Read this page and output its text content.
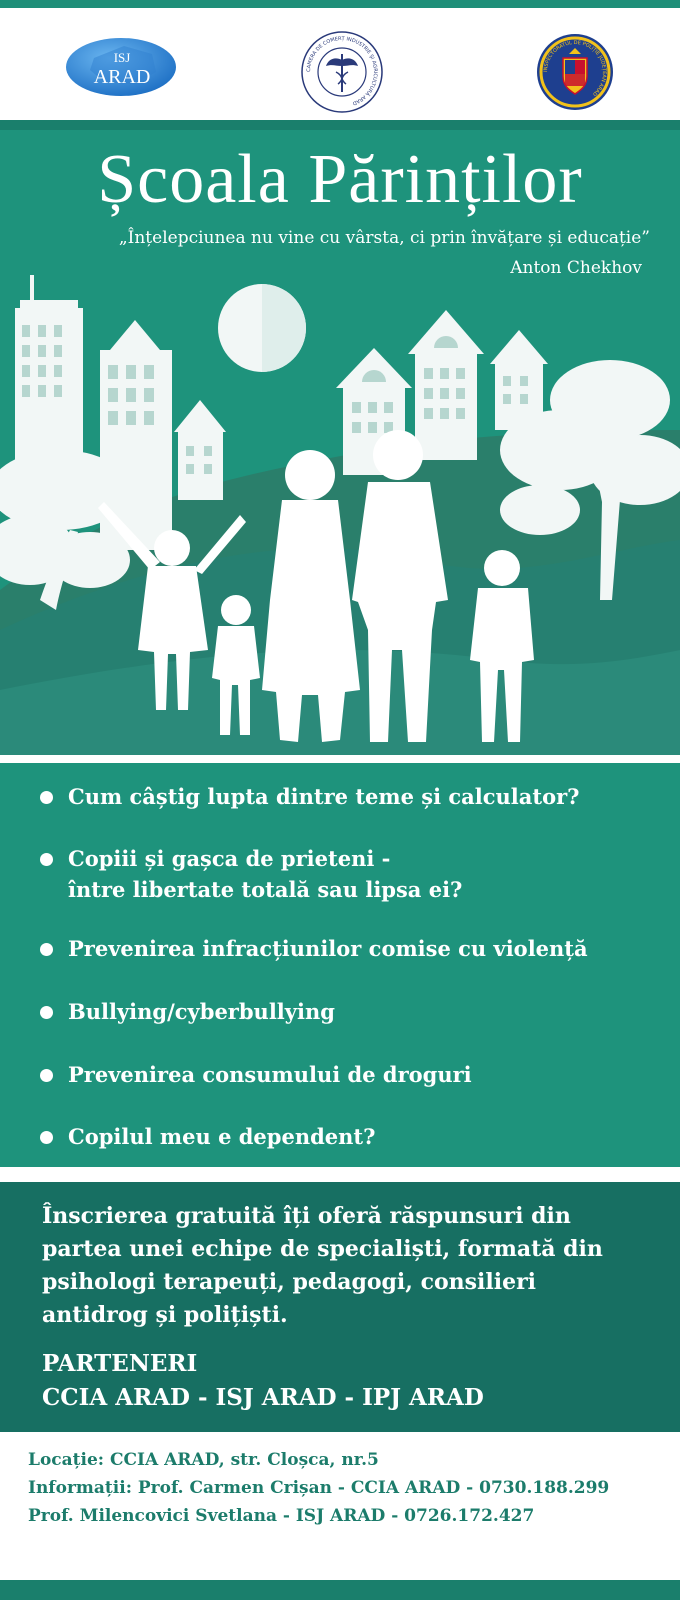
ISJ
ARAD	CAMERA DE COMERȚ INDUSTRIE ȘI AGRICULTURĂ ARAD
INSPECTORATUL DE POLIȚIE JUDEȚEAN ARAD
Școala Părinților
„Înțelepciunea nu vine cu vârsta, ci prin învățare și educație”
Anton Chekhov
Cum câștig lupta dintre teme și calculator?
Copiii și gașca de prieteni -
între libertate totală sau lipsa ei?
Prevenirea infracțiunilor comise cu violență
Bullying/cyberbullying
Prevenirea consumului de droguri
Copilul meu e dependent?
Înscrierea gratuită îți oferă răspunsuri din
partea unei echipe de specialiști, formată din
psihologi terapeuți, pedagogi, consilieri
antidrog și polițiști.
PARTENERI
CCIA ARAD - ISJ ARAD - IPJ ARAD
Locație: CCIA ARAD, str. Cloșca, nr.5
Informații: Prof. Carmen Crișan - CCIA ARAD - 0730.188.299
Prof. Milencovici Svetlana - ISJ ARAD - 0726.172.427
